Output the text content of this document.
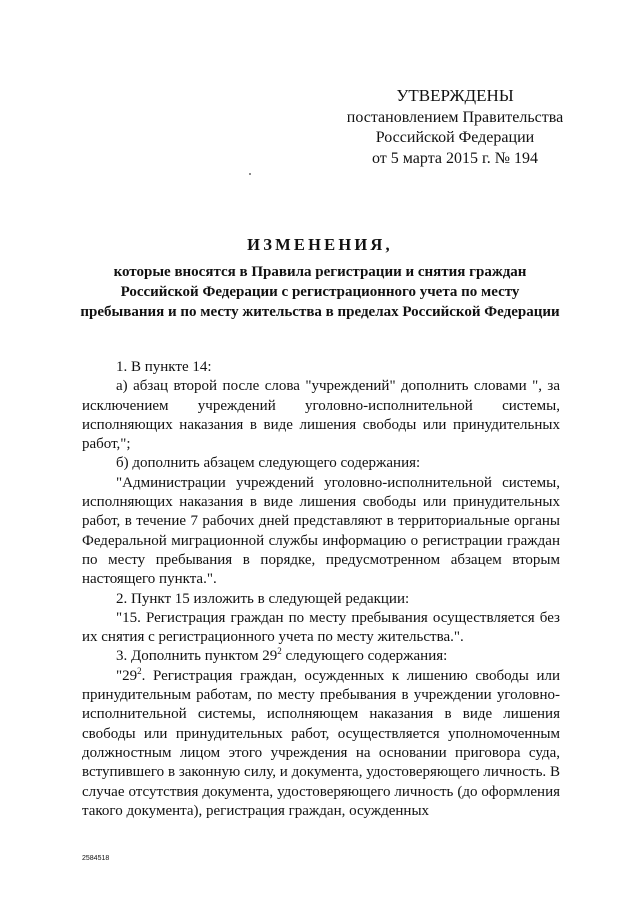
УТВЕРЖДЕНЫ
постановлением Правительства
Российской Федерации
от 5 марта 2015 г. № 194
ИЗМЕНЕНИЯ,
которые вносятся в Правила регистрации и снятия граждан
Российской Федерации с регистрационного учета по месту
пребывания и по месту жительства в пределах Российской Федерации

1. В пункте 14:

а) абзац второй после слова "учреждений" дополнить словами ", за исключением учреждений уголовно-исполнительной системы, исполняющих наказания в виде лишения свободы или принудительных работ,";

б) дополнить абзацем следующего содержания:

"Администрации учреждений уголовно-исполнительной системы, исполняющих наказания в виде лишения свободы или принудительных работ, в течение 7 рабочих дней представляют в территориальные органы Федеральной миграционной службы информацию о регистрации граждан по месту пребывания в порядке, предусмотренном абзацем вторым настоящего пункта.".

2. Пункт 15 изложить в следующей редакции:

"15. Регистрация граждан по месту пребывания осуществляется без их снятия с регистрационного учета по месту жительства.".

3. Дополнить пунктом $29^2$ следующего содержания:

"$29^2$. Регистрация граждан, осужденных к лишению свободы или принудительным работам, по месту пребывания в учреждении уголовно-исполнительной системы, исполняющем наказания в виде лишения свободы или принудительных работ, осуществляется уполномоченным должностным лицом этого учреждения на основании приговора суда, вступившего в законную силу, и документа, удостоверяющего личность. В случае отсутствия документа, удостоверяющего личность (до оформления такого документа), регистрация граждан, осужденных

2584518
